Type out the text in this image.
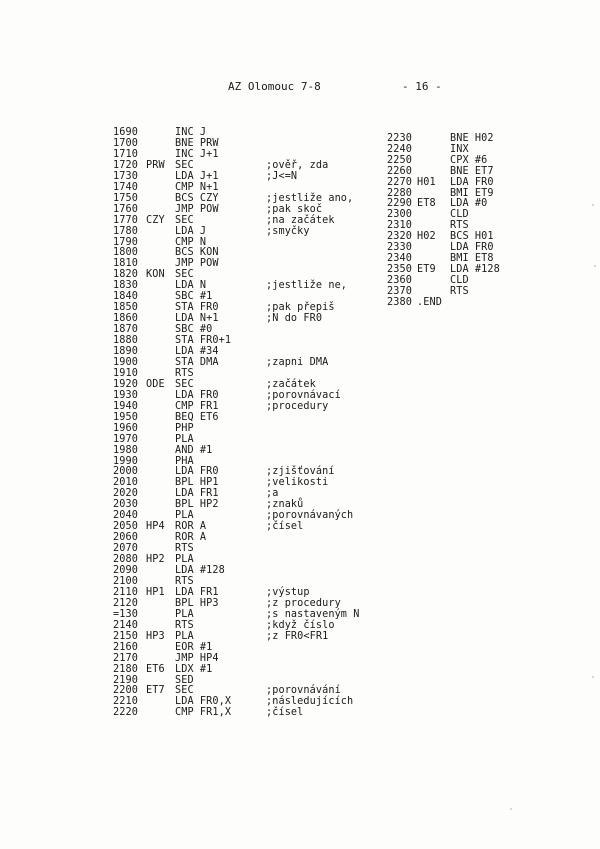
AZ Olomouc 7-8	- 16 -
1690	INC J
1700	BNE PRW
1710	INC J+1
1720 PRW SEC	;ověř, zda
1730	LDA J+1	;J<=N
1740	CMP N+1
1750	BCS CZY	;jestliže ano,
1760	JMP POW	;pak skoč
1770 CZY SEC	;na začátek
1780	LDA J	;smyčky
1790	CMP N
1800	BCS KON
1810	JMP POW
1820 KON SEC
1830	LDA N	;jestliže ne,
1840	SBC #1
1850	STA FR0	;pak přepiš
1860	LDA N+1	;N do FR0
1870	SBC #0
1880	STA FR0+1
1890	LDA #34
1900	STA DMA	;zapni DMA
1910	RTS
1920 ODE SEC	;začátek
1930	LDA FR0	;porovnávací
1940	CMP FR1	;procedury
1950	BEQ ET6
1960	PHP
1970	PLA
1980	AND #1
1990	PHA
2000	LDA FR0	;zjišťování
2010	BPL HP1	;velikosti
2020	LDA FR1	;a
2030	BPL HP2	;znaků
2040	PLA	;porovnávaných
2050 HP4 ROR A	;čísel
2060	ROR A
2070	RTS
2080 HP2 PLA
2090	LDA #128
2100	RTS
2110 HP1 LDA FR1	;výstup
2120	BPL HP3	;z procedury
=130	PLA	;s nastaveným N
2140	RTS	;když číslo
2150 HP3 PLA	;z FR0<FR1
2160	EOR #1
2170	JMP HP4
2180 ET6 LDX #1
2190	SED
2200 ET7 SEC	;porovnávání
2210	LDA FR0,X	;následujících
2220	CMP FR1,X	;čísel
2230	BNE H02
2240	INX
2250	CPX #6
2260	BNE ET7
2270 H01 LDA FR0
2280	BMI ET9
2290 ET8 LDA #0
2300	CLD
2310	RTS
2320 H02 BCS H01
2330	LDA FR0
2340	BMI ET8
2350 ET9 LDA #128
2360	CLD
2370	RTS
2380 .END
